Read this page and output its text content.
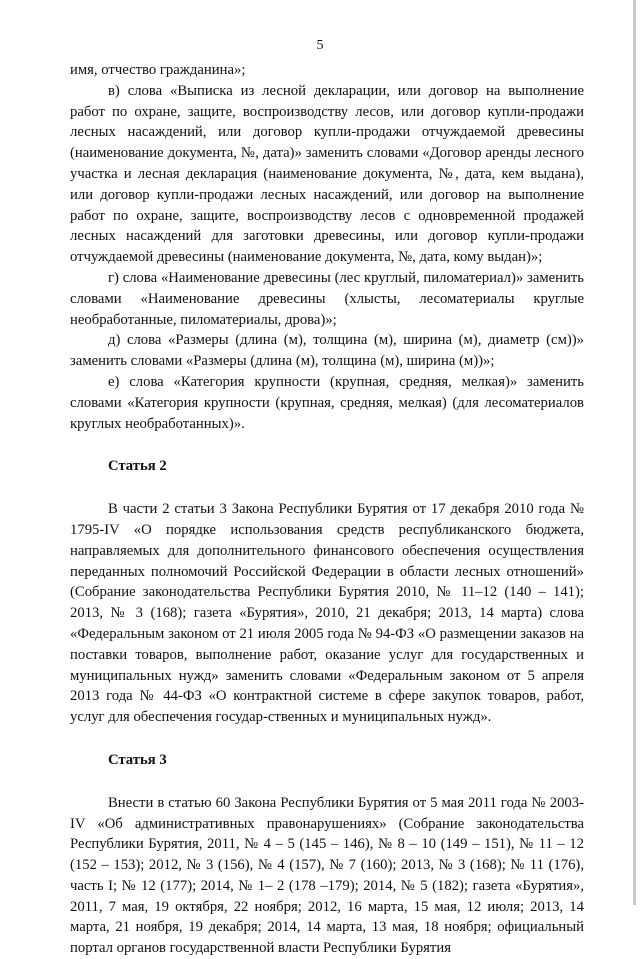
5

имя, отчество гражданина»;

в) слова «Выписка из лесной декларации, или договор на выполнение работ по охране, защите, воспроизводству лесов, или договор купли-продажи лесных насаждений, или договор купли-продажи отчуждаемой древесины (наименование документа, №, дата)» заменить словами «Договор аренды лесного участка и лесная декларация (наименование документа, №, дата, кем выдана), или договор купли-продажи лесных насаждений, или договор на выполнение работ по охране, защите, воспроизводству лесов с одновременной продажей лесных насаждений для заготовки древесины, или договор купли-продажи отчуждаемой древесины (наименование документа, №, дата, кому выдан)»;

г) слова «Наименование древесины (лес круглый, пиломатериал)» заменить словами «Наименование древесины (хлысты, лесоматериалы круглые необработанные, пиломатериалы, дрова)»;

д) слова «Размеры (длина (м), толщина (м), ширина (м), диаметр (см))» заменить словами «Размеры (длина (м), толщина (м), ширина (м))»;

е) слова «Категория крупности (крупная, средняя, мелкая)» заменить словами «Категория крупности (крупная, средняя, мелкая) (для лесоматериалов круглых необработанных)».

Статья 2

В части 2 статьи 3 Закона Республики Бурятия от 17 декабря 2010 года № 1795-IV «О порядке использования средств республиканского бюджета, направляемых для дополнительного финансового обеспечения осуществления переданных полномочий Российской Федерации в области лесных отношений» (Собрание законодательства Республики Бурятия 2010, № 11–12 (140 – 141); 2013, № 3 (168); газета «Бурятия», 2010, 21 декабря; 2013, 14 марта) слова «Федеральным законом от 21 июля 2005 года № 94-ФЗ «О размещении заказов на поставки товаров, выполнение работ, оказание услуг для государственных и муниципальных нужд» заменить словами «Федеральным законом от 5 апреля 2013 года № 44-ФЗ «О контрактной системе в сфере закупок товаров, работ, услуг для обеспечения государ-ственных и муниципальных нужд».

Статья 3

Внести в статью 60 Закона Республики Бурятия от 5 мая 2011 года № 2003-IV «Об административных правонарушениях» (Собрание законодательства Республики Бурятия, 2011, № 4 – 5 (145 – 146), № 8 – 10 (149 – 151), № 11 – 12 (152 – 153); 2012, № 3 (156), № 4 (157), № 7 (160); 2013, № 3 (168); № 11 (176), часть I; № 12 (177); 2014, № 1– 2 (178 –179); 2014, № 5 (182); газета «Бурятия», 2011, 7 мая, 19 октября, 22 ноября; 2012, 16 марта, 15 мая, 12 июля; 2013, 14 марта, 21 ноября, 19 декабря; 2014, 14 марта, 13 мая, 18 ноября; официальный портал органов государственной власти Республики Бурятия
